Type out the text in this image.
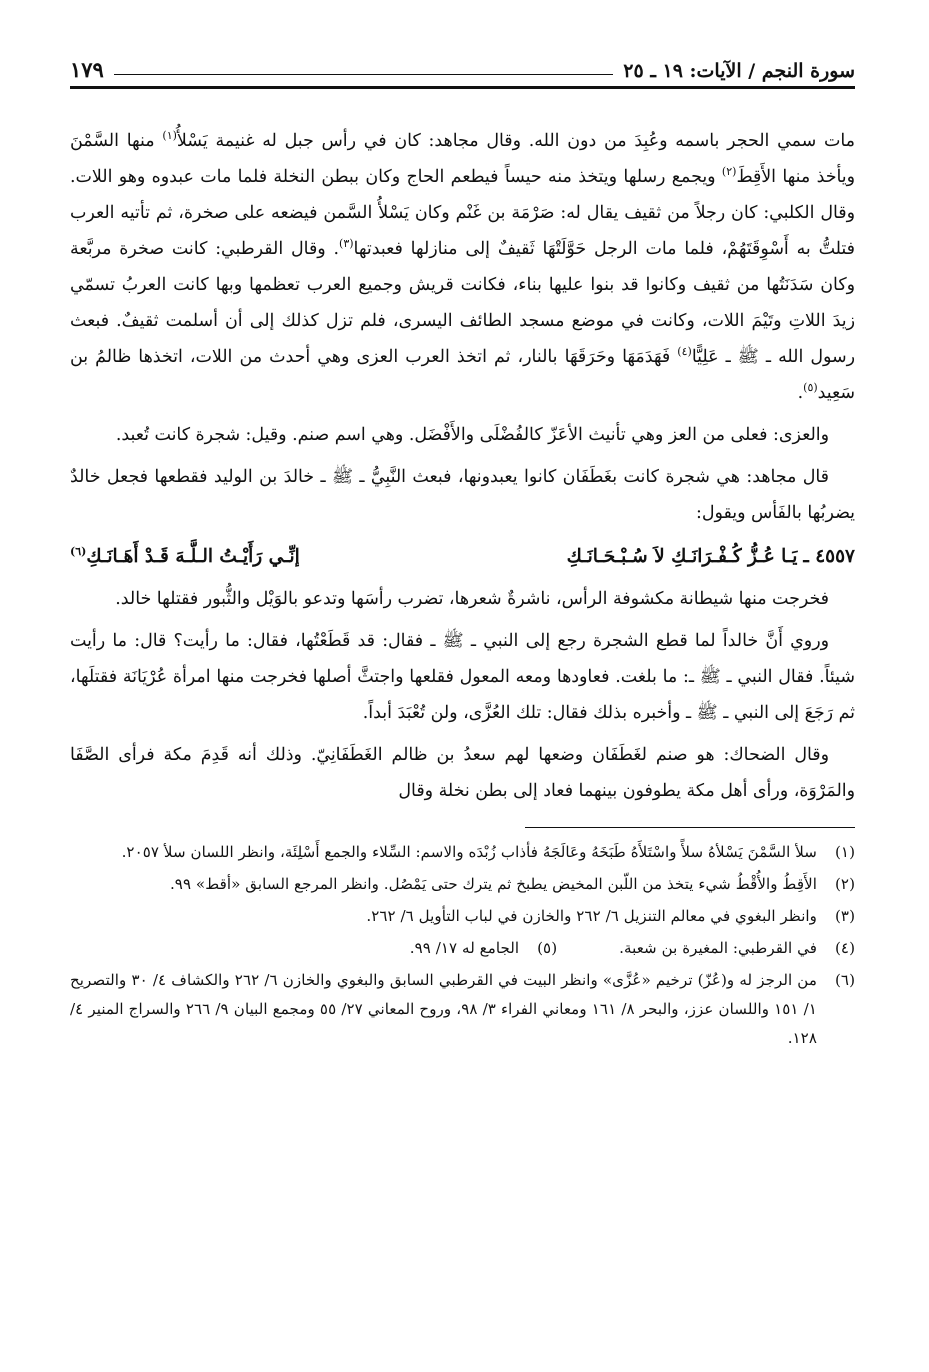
سورة النجم / الآيات: ١٩ ـ ٢٥
١٧٩

مات سمي الحجر باسمه وعُبِدَ من دون الله. وقال مجاهد: كان في رأس جبل له غنيمة يَسْلأُ$^{(١)}$ منها السَّمْنَ ويأخذ منها الأَقِطَ$^{(٢)}$ ويجمع رسلها ويتخذ منه حيساً فيطعم الحاج وكان ببطن النخلة فلما مات عبدوه وهو اللات. وقال الكلبي: كان رجلاً من ثقيف يقال له: صَرْمَة بن غَنْم وكان يَسْلأُ السَّمن فيضعه على صخرة، ثم تأتيه العرب فتلتُّ به أَسْوِقَتَهُمْ، فلما مات الرجل حَوَّلَتْهَا ثَقيفٌ إلى منازلها فعبدتها$^{(٣)}$. وقال القرطبي: كانت صخرة مربَّعة وكان سَدَنَتُها من ثقيف وكانوا قد بنوا عليها بناء، فكانت قريش وجميع العرب تعظمها وبها كانت العربُ تسمّي زيدَ اللاتِ وتَيْمَ اللات، وكانت في موضع مسجد الطائف اليسرى، فلم تزل كذلك إلى أن أسلمت ثقيفٌ. فبعث رسول الله ـ ﷺ ـ عَلِيًّا$^{(٤)}$ فَهَدَمَهَا وحَرَقَهَا بالنار، ثم اتخذ العرب العزى وهي أحدث من اللات، اتخذها ظالمُ بن سَعِيد$^{(٥)}$.

والعزى: فعلى من العز وهي تأنيث الأعَزّ كالفُضْلَى والأَفْضَل. وهي اسم صنم. وقيل: شجرة كانت تُعبد.

قال مجاهد: هي شجرة كانت بغَطَفَان كانوا يعبدونها، فبعث النَّبِيُّ ـ ﷺ ـ خالدَ بن الوليد فقطعها فجعل خالدٌ يضربُها بالفَأس ويقول:

٤٥٥٧ ـ
يَـا عُـزُّ كُـفْـرَانَـكِ لاَ سُـبْـحَـانَـكِ
إنِّـي رَأَيْـتُ الـلَّـهَ قَـدْ أَهَـانَـكِ$^{(٦)}$

فخرجت منها شيطانة مكشوفة الرأس، ناشرةٌ شعرها، تضرب رأسَها وتدعو بالوَيْل والثُّبور فقتلها خالد.

وروي أَنَّ خالداً لما قطع الشجرة رجع إلى النبي ـ ﷺ ـ فقال: قد قَطَعْتُها، فقال: ما رأيت؟ قال: ما رأيت شيئاً. فقال النبي ـ ﷺ ـ: ما بلغت. فعاودها ومعه المعول فقلعها واجتثَّ أصلها فخرجت منها امرأة عُرْيَانَة فقتلَها، ثم رَجَعَ إلى النبي ـ ﷺ ـ وأخبره بذلك فقال: تلك العُزَّى، ولن تُعْبَدَ أبداً.

وقال الضحاك: هو صنم لغَطَفَان وضعها لهم سعدُ بن ظالم الغَطَفَانِيّ. وذلك أنه قَدِمَ مكة فرأى الصَّفَا والمَرْوَة، ورأى أهل مكة يطوفون بينهما فعاد إلى بطن نخلة وقال

(١)
سلأ السَّمْنَ يَسْلأهُ سلأً واسْتَلأَهُ طَبَخَهُ وعَالَجَهُ فأذاب زُبْدَه والاسم: السِّلاء والجمع أَسْلِئَة، وانظر اللسان سلأ ٢٠٥٧.
(٢)
الأَقِطُ والأُقْطُ شيء يتخذ من اللّبن المخيض يطبخ ثم يترك حتى يَمْصُل. وانظر المرجع السابق «أقط» ٩٩.
(٣)
وانظر البغوي في معالم التنزيل ٦/ ٢٦٢ والخازن في لباب التأويل ٦/ ٢٦٢.
(٤)
في القرطبي: المغيرة بن شعبة.
(٥)
الجامع له ١٧/ ٩٩.
(٦)
من الرجز له و(عُزّ) ترخيم «عُزَّى» وانظر البيت في القرطبي السابق والبغوي والخازن ٦/ ٢٦٢ والكشاف ٤/ ٣٠ والتصريح ١/ ١٥١ واللسان عزز، والبحر ٨/ ١٦١ ومعاني الفراء ٣/ ٩٨، وروح المعاني ٢٧/ ٥٥ ومجمع البيان ٩/ ٢٦٦ والسراج المنير ٤/ ١٢٨.
